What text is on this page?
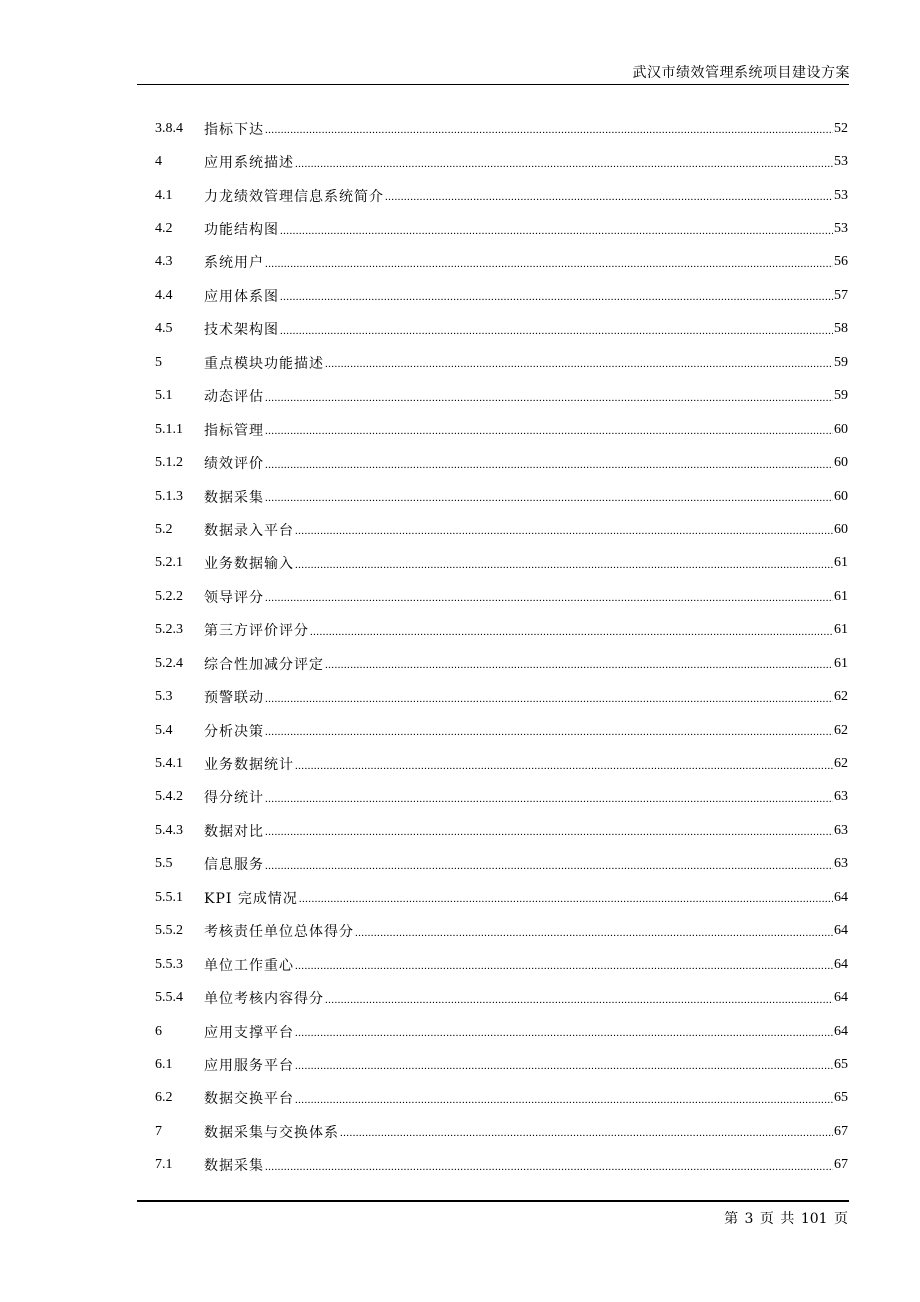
武汉市绩效管理系统项目建设方案
3.8.4	指标下达 .....	52
4	应用系统描述 .....	53
4.1	力龙绩效管理信息系统简介 .....	53
4.2	功能结构图 .....	53
4.3	系统用户 .....	56
4.4	应用体系图 .....	57
4.5	技术架构图 .....	58
5	重点模块功能描述 .....	59
5.1	动态评估 .....	59
5.1.1	指标管理 .....	60
5.1.2	绩效评价 .....	60
5.1.3	数据采集 .....	60
5.2	数据录入平台 .....	60
5.2.1	业务数据输入 .....	61
5.2.2	领导评分 .....	61
5.2.3	第三方评价评分 .....	61
5.2.4	综合性加减分评定 .....	61
5.3	预警联动 .....	62
5.4	分析决策 .....	62
5.4.1	业务数据统计 .....	62
5.4.2	得分统计 .....	63
5.4.3	数据对比 .....	63
5.5	信息服务 .....	63
5.5.1	KPI 完成情况 .....	64
5.5.2	考核责任单位总体得分 .....	64
5.5.3	单位工作重心 .....	64
5.5.4	单位考核内容得分 .....	64
6	应用支撑平台 .....	64
6.1	应用服务平台 .....	65
6.2	数据交换平台 .....	65
7	数据采集与交换体系 .....	67
7.1	数据采集 .....	67
第 3 页 共 101 页
